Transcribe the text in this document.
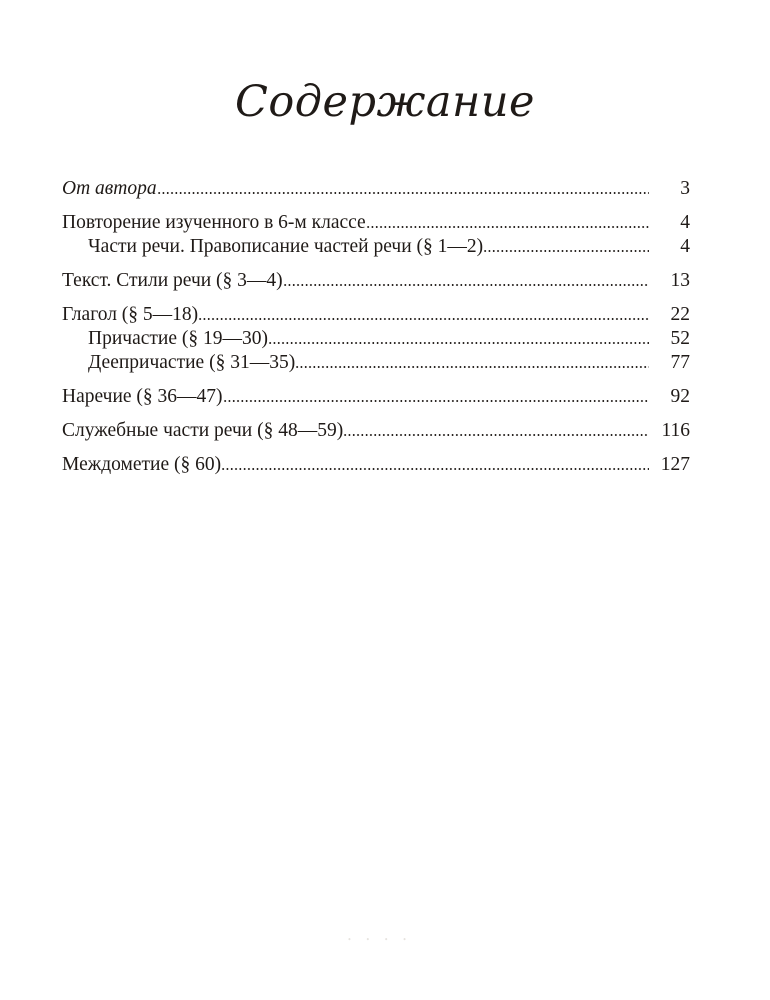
Содержание
От автора	3
Повторение изученного в 6-м классе	4
Части речи. Правописание частей речи (§ 1—2)	4
Текст. Стили речи (§ 3—4)	13
Глагол (§ 5—18)	22
Причастие (§ 19—30)	52
Деепричастие (§ 31—35)	77
Наречие (§ 36—47)	92
Служебные части речи (§ 48—59)	116
Междометие (§ 60)	127
• • • •
